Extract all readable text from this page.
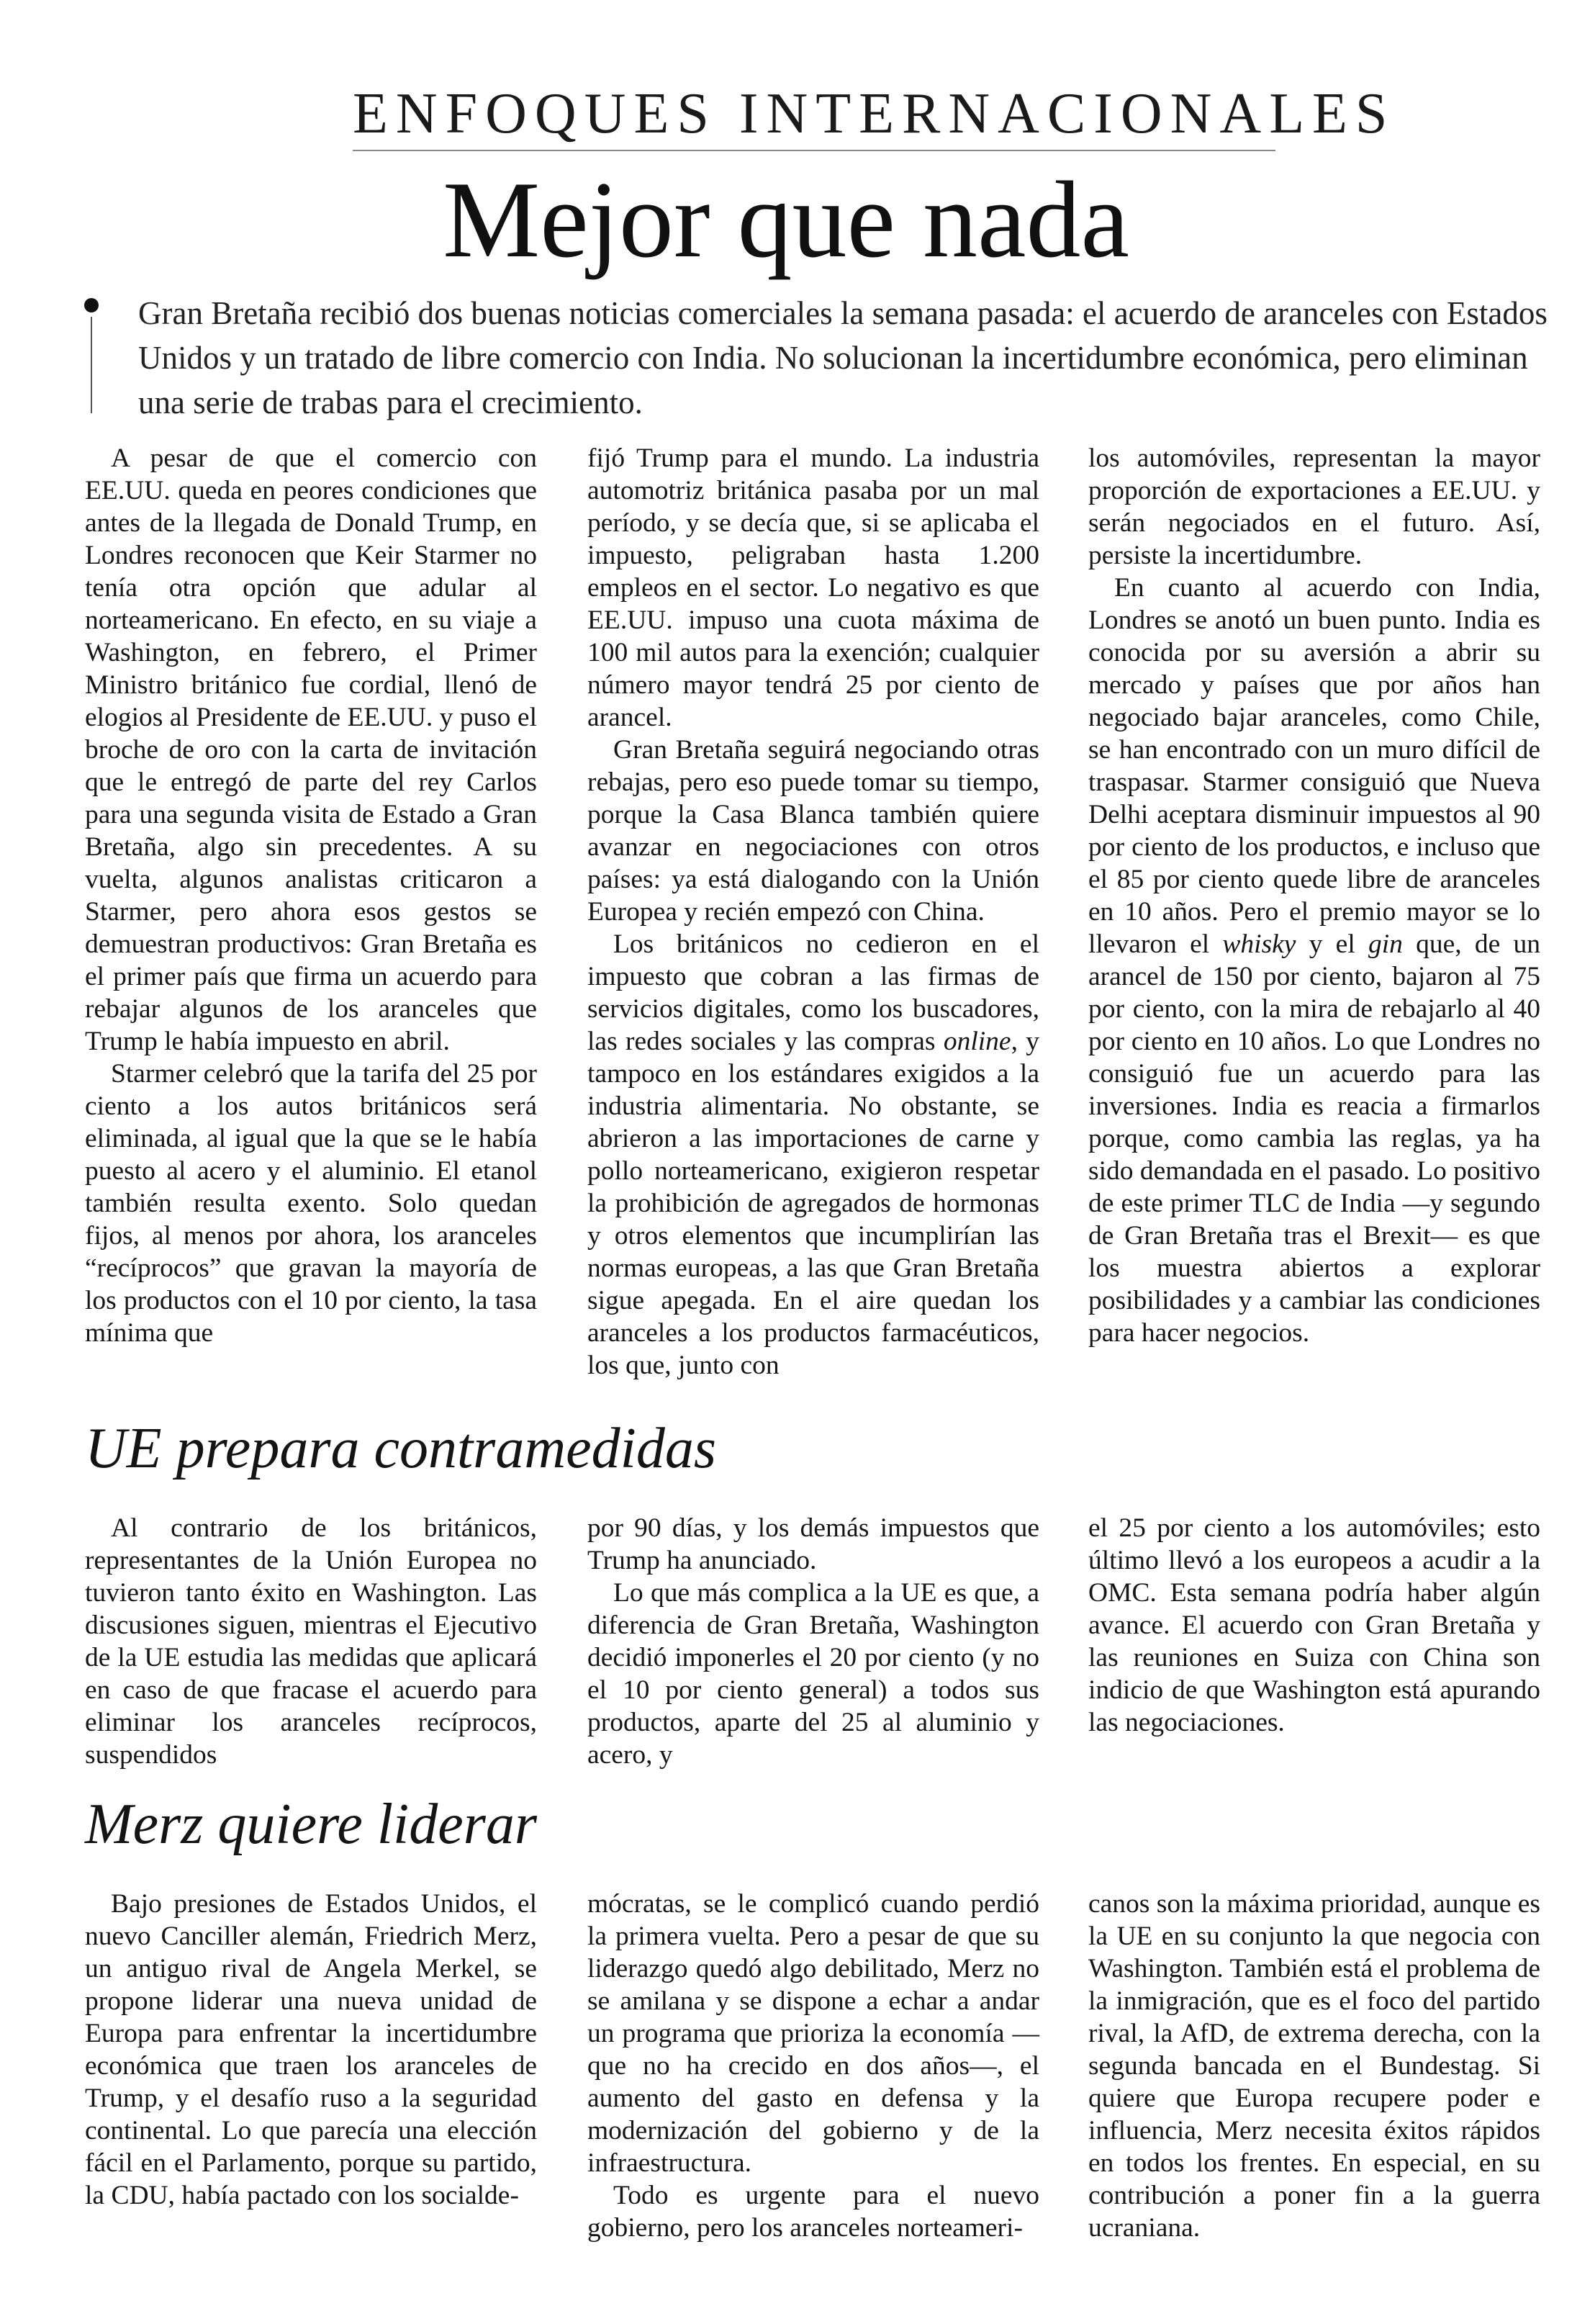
ENFOQUES INTERNACIONALES
Mejor que nada
Gran Bretaña recibió dos buenas noticias comerciales la semana pasada: el acuerdo de aranceles con Estados Unidos y un tratado de libre comercio con India. No solucionan la incertidumbre económica, pero eliminan una serie de trabas para el crecimiento.

A pesar de que el comercio con EE.UU. queda en peores condiciones que antes de la llegada de Donald Trump, en Londres reconocen que Keir Starmer no tenía otra opción que adular al norteamericano. En efecto, en su viaje a Washington, en febrero, el Primer Ministro británico fue cordial, llenó de elogios al Presidente de EE.UU. y puso el broche de oro con la carta de invitación que le entregó de parte del rey Carlos para una segunda visita de Estado a Gran Bretaña, algo sin precedentes. A su vuelta, algunos analistas criticaron a Starmer, pero ahora esos gestos se demuestran productivos: Gran Bretaña es el primer país que firma un acuerdo para rebajar algunos de los aranceles que Trump le había impuesto en abril.

Starmer celebró que la tarifa del 25 por ciento a los autos británicos será eliminada, al igual que la que se le había puesto al acero y el aluminio. El etanol también resulta exento. Solo quedan fijos, al menos por ahora, los aranceles “recíprocos” que gravan la mayoría de los productos con el 10 por ciento, la tasa mínima que

fijó Trump para el mundo. La industria automotriz británica pasaba por un mal período, y se decía que, si se aplicaba el impuesto, peligraban hasta 1.200 empleos en el sector. Lo negativo es que EE.UU. impuso una cuota máxima de 100 mil autos para la exención; cualquier número mayor tendrá 25 por ciento de arancel.

Gran Bretaña seguirá negociando otras rebajas, pero eso puede tomar su tiempo, porque la Casa Blanca también quiere avanzar en negociaciones con otros países: ya está dialogando con la Unión Europea y recién empezó con China.

Los británicos no cedieron en el impuesto que cobran a las firmas de servicios digitales, como los buscadores, las redes sociales y las compras online, y tampoco en los estándares exigidos a la industria alimentaria. No obstante, se abrieron a las importaciones de carne y pollo norteamericano, exigieron respetar la prohibición de agregados de hormonas y otros elementos que incumplirían las normas europeas, a las que Gran Bretaña sigue apegada. En el aire quedan los aranceles a los productos farmacéuticos, los que, junto con

los automóviles, representan la mayor proporción de exportaciones a EE.UU. y serán negociados en el futuro. Así, persiste la incertidumbre.

En cuanto al acuerdo con India, Londres se anotó un buen punto. India es conocida por su aversión a abrir su mercado y países que por años han negociado bajar aranceles, como Chile, se han encontrado con un muro difícil de traspasar. Starmer consiguió que Nueva Delhi aceptara disminuir impuestos al 90 por ciento de los productos, e incluso que el 85 por ciento quede libre de aranceles en 10 años. Pero el premio mayor se lo llevaron el whisky y el gin que, de un arancel de 150 por ciento, bajaron al 75 por ciento, con la mira de rebajarlo al 40 por ciento en 10 años. Lo que Londres no consiguió fue un acuerdo para las inversiones. India es reacia a firmarlos porque, como cambia las reglas, ya ha sido demandada en el pasado. Lo positivo de este primer TLC de India —y segundo de Gran Bretaña tras el Brexit— es que los muestra abiertos a explorar posibilidades y a cambiar las condiciones para hacer negocios.

UE prepara contramedidas

Al contrario de los británicos, representantes de la Unión Europea no tuvieron tanto éxito en Washington. Las discusiones siguen, mientras el Ejecutivo de la UE estudia las medidas que aplicará en caso de que fracase el acuerdo para eliminar los aranceles recíprocos, suspendidos

por 90 días, y los demás impuestos que Trump ha anunciado.

Lo que más complica a la UE es que, a diferencia de Gran Bretaña, Washington decidió imponerles el 20 por ciento (y no el 10 por ciento general) a todos sus productos, aparte del 25 al aluminio y acero, y

el 25 por ciento a los automóviles; esto último llevó a los europeos a acudir a la OMC. Esta semana podría haber algún avance. El acuerdo con Gran Bretaña y las reuniones en Suiza con China son indicio de que Washington está apurando las negociaciones.

Merz quiere liderar

Bajo presiones de Estados Unidos, el nuevo Canciller alemán, Friedrich Merz, un antiguo rival de Angela Merkel, se propone liderar una nueva unidad de Europa para enfrentar la incertidumbre económica que traen los aranceles de Trump, y el desafío ruso a la seguridad continental. Lo que parecía una elección fácil en el Parlamento, porque su partido, la CDU, había pactado con los socialde-

mócratas, se le complicó cuando perdió la primera vuelta. Pero a pesar de que su liderazgo quedó algo debilitado, Merz no se amilana y se dispone a echar a andar un programa que prioriza la economía —que no ha crecido en dos años—, el aumento del gasto en defensa y la modernización del gobierno y de la infraestructura.

Todo es urgente para el nuevo gobierno, pero los aranceles norteameri-

canos son la máxima prioridad, aunque es la UE en su conjunto la que negocia con Washington. También está el problema de la inmigración, que es el foco del partido rival, la AfD, de extrema derecha, con la segunda bancada en el Bundestag. Si quiere que Europa recupere poder e influencia, Merz necesita éxitos rápidos en todos los frentes. En especial, en su contribución a poner fin a la guerra ucraniana.
